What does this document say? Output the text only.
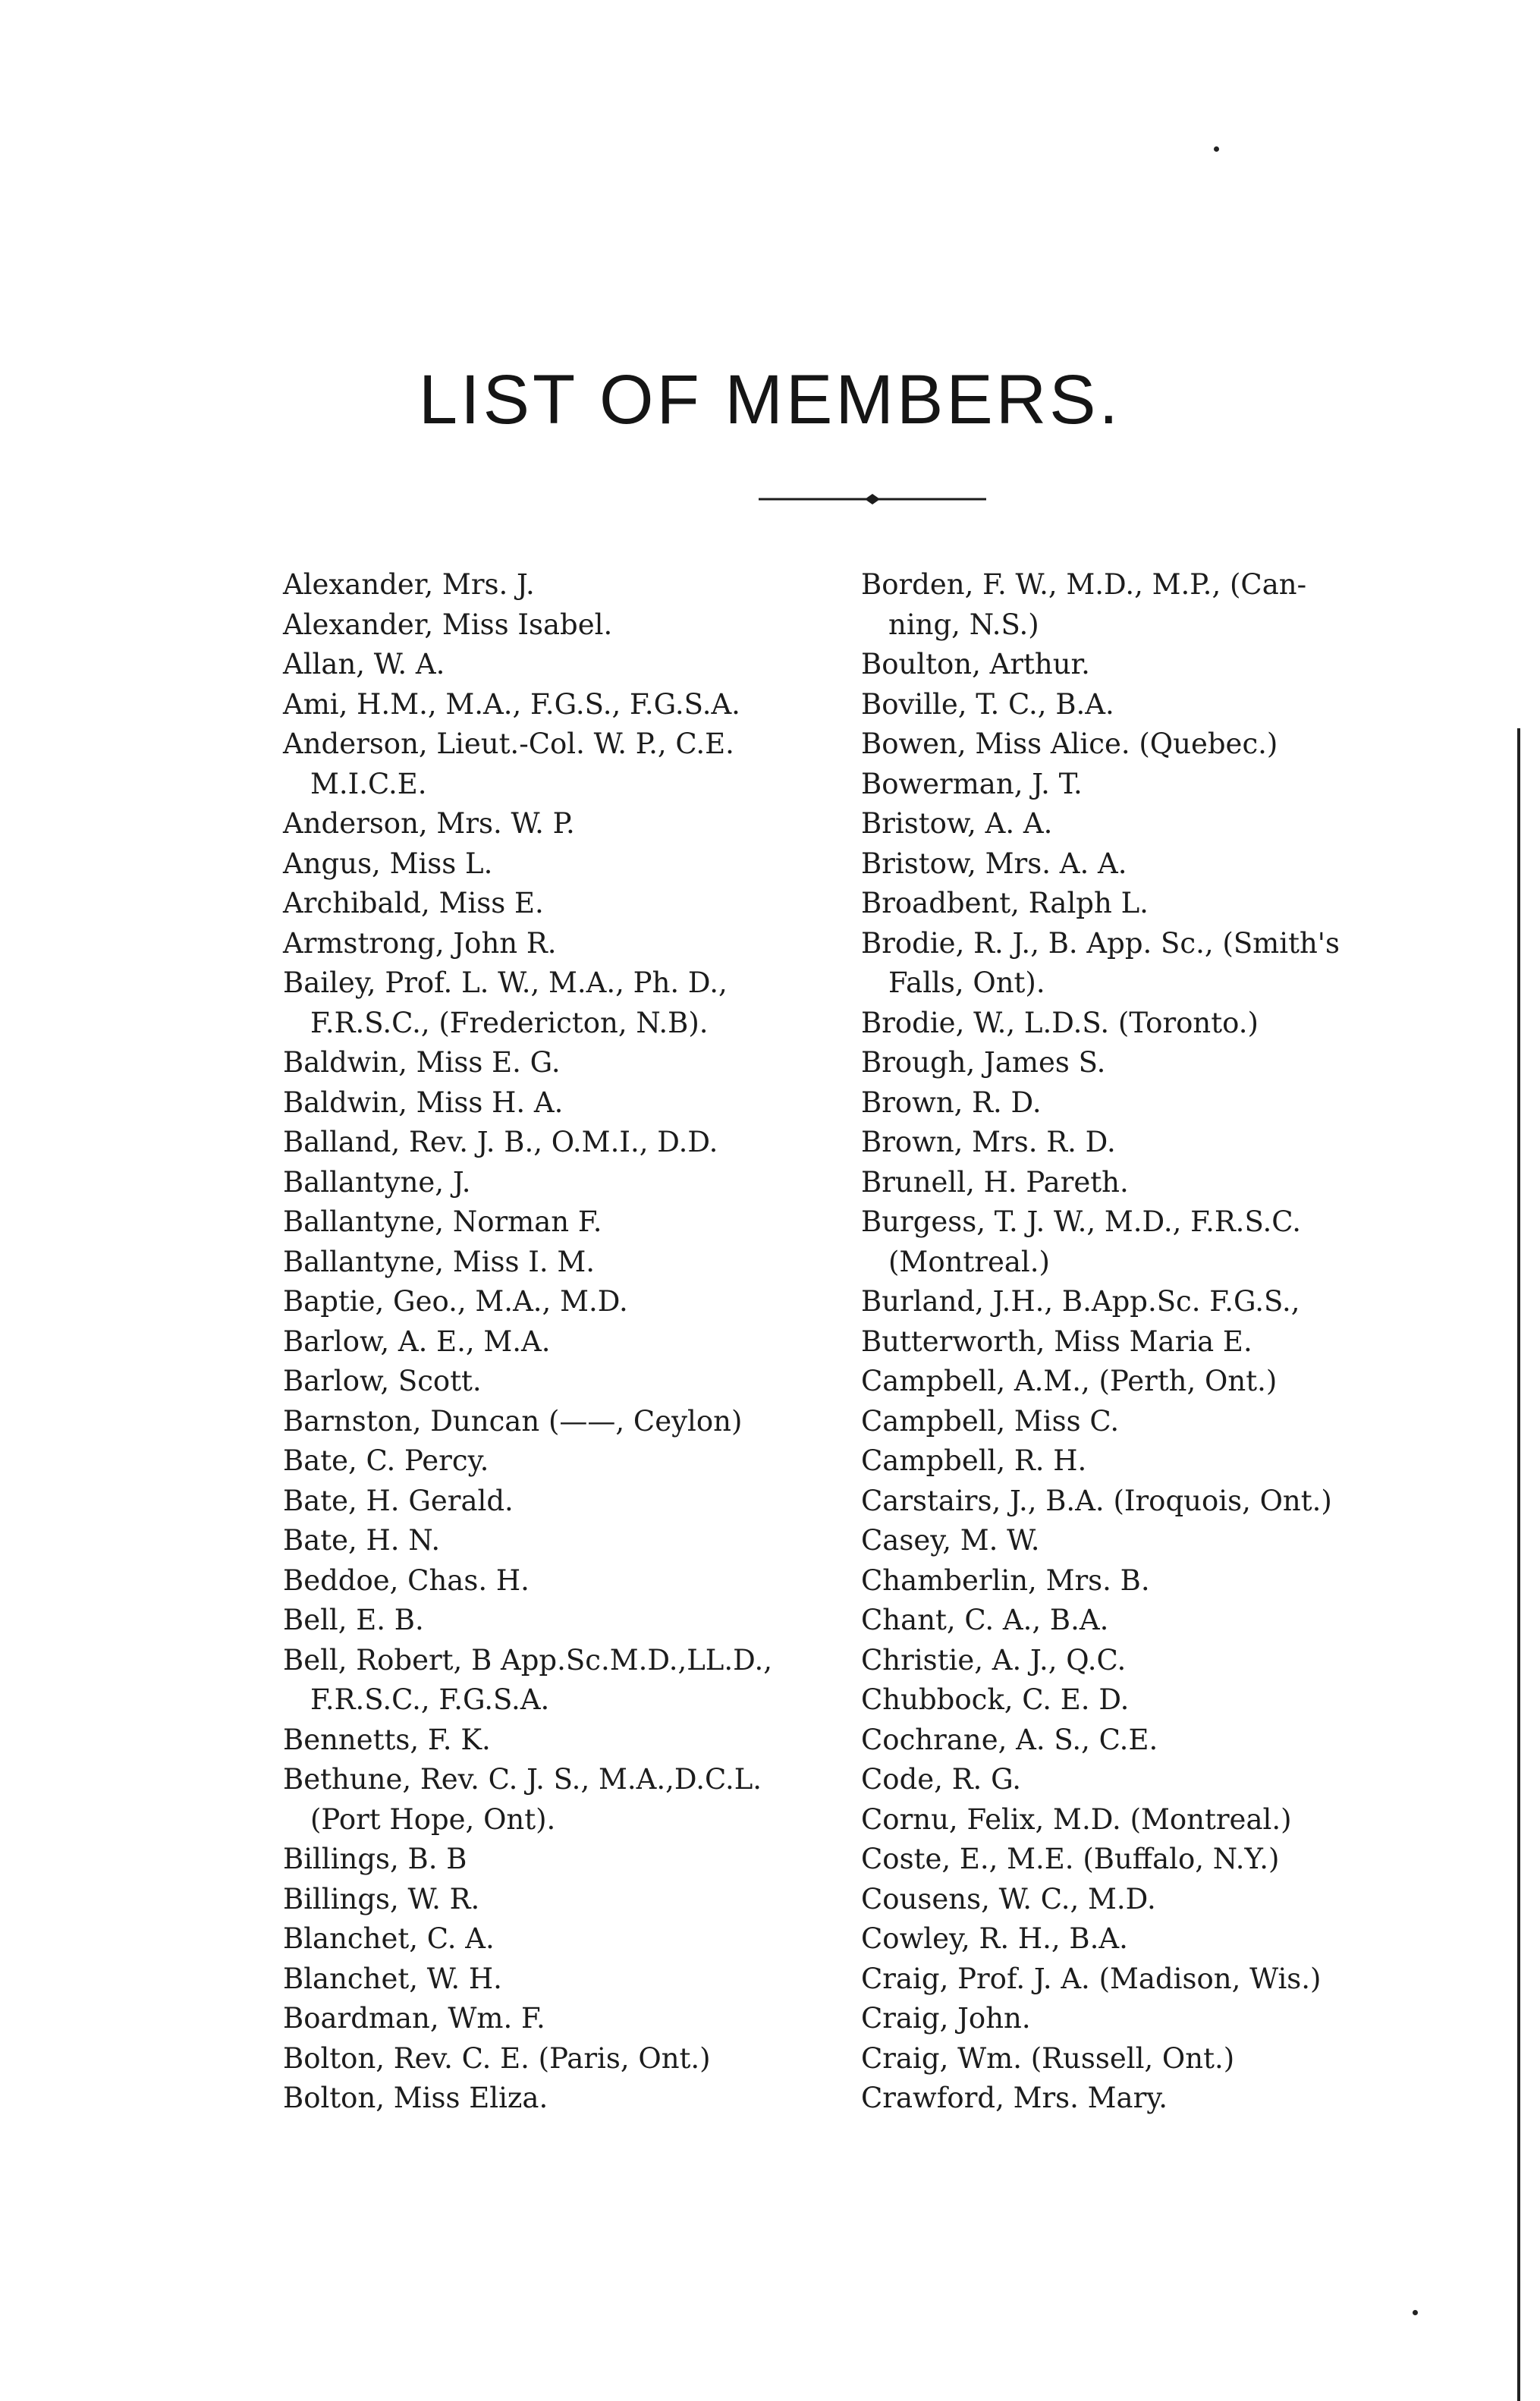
LIST OF MEMBERS.
Alexander, Mrs. J.
Alexander, Miss Isabel.
Allan, W. A.
Ami, H.M., M.A., F.G.S., F.G.S.A.
Anderson, Lieut.-Col. W. P., C.E.
M.I.C.E.
Anderson, Mrs. W. P.
Angus, Miss L.
Archibald, Miss E.
Armstrong, John R.
Bailey, Prof. L. W., M.A., Ph. D.,
F.R.S.C., (Fredericton, N.B).
Baldwin, Miss E. G.
Baldwin, Miss H. A.
Balland, Rev. J. B., O.M.I., D.D.
Ballantyne, J.
Ballantyne, Norman F.
Ballantyne, Miss I. M.
Baptie, Geo., M.A., M.D.
Barlow, A. E., M.A.
Barlow, Scott.
Barnston, Duncan (——, Ceylon)
Bate, C. Percy.
Bate, H. Gerald.
Bate, H. N.
Beddoe, Chas. H.
Bell, E. B.
Bell, Robert, B App.Sc.M.D.,LL.D.,
F.R.S.C., F.G.S.A.
Bennetts, F. K.
Bethune, Rev. C. J. S., M.A.,D.C.L.
(Port Hope, Ont).
Billings, B. B
Billings, W. R.
Blanchet, C. A.
Blanchet, W. H.
Boardman, Wm. F.
Bolton, Rev. C. E. (Paris, Ont.)
Bolton, Miss Eliza.
Borden, F. W., M.D., M.P., (Can-
ning, N.S.)
Boulton, Arthur.
Boville, T. C., B.A.
Bowen, Miss Alice. (Quebec.)
Bowerman, J. T.
Bristow, A. A.
Bristow, Mrs. A. A.
Broadbent, Ralph L.
Brodie, R. J., B. App. Sc., (Smith's
Falls, Ont).
Brodie, W., L.D.S. (Toronto.)
Brough, James S.
Brown, R. D.
Brown, Mrs. R. D.
Brunell, H. Pareth.
Burgess, T. J. W., M.D., F.R.S.C.
(Montreal.)
Burland, J.H., B.App.Sc. F.G.S.,
Butterworth, Miss Maria E.
Campbell, A.M., (Perth, Ont.)
Campbell, Miss C.
Campbell, R. H.
Carstairs, J., B.A. (Iroquois, Ont.)
Casey, M. W.
Chamberlin, Mrs. B.
Chant, C. A., B.A.
Christie, A. J., Q.C.
Chubbock, C. E. D.
Cochrane, A. S., C.E.
Code, R. G.
Cornu, Felix, M.D. (Montreal.)
Coste, E., M.E. (Buffalo, N.Y.)
Cousens, W. C., M.D.
Cowley, R. H., B.A.
Craig, Prof. J. A. (Madison, Wis.)
Craig, John.
Craig, Wm. (Russell, Ont.)
Crawford, Mrs. Mary.
